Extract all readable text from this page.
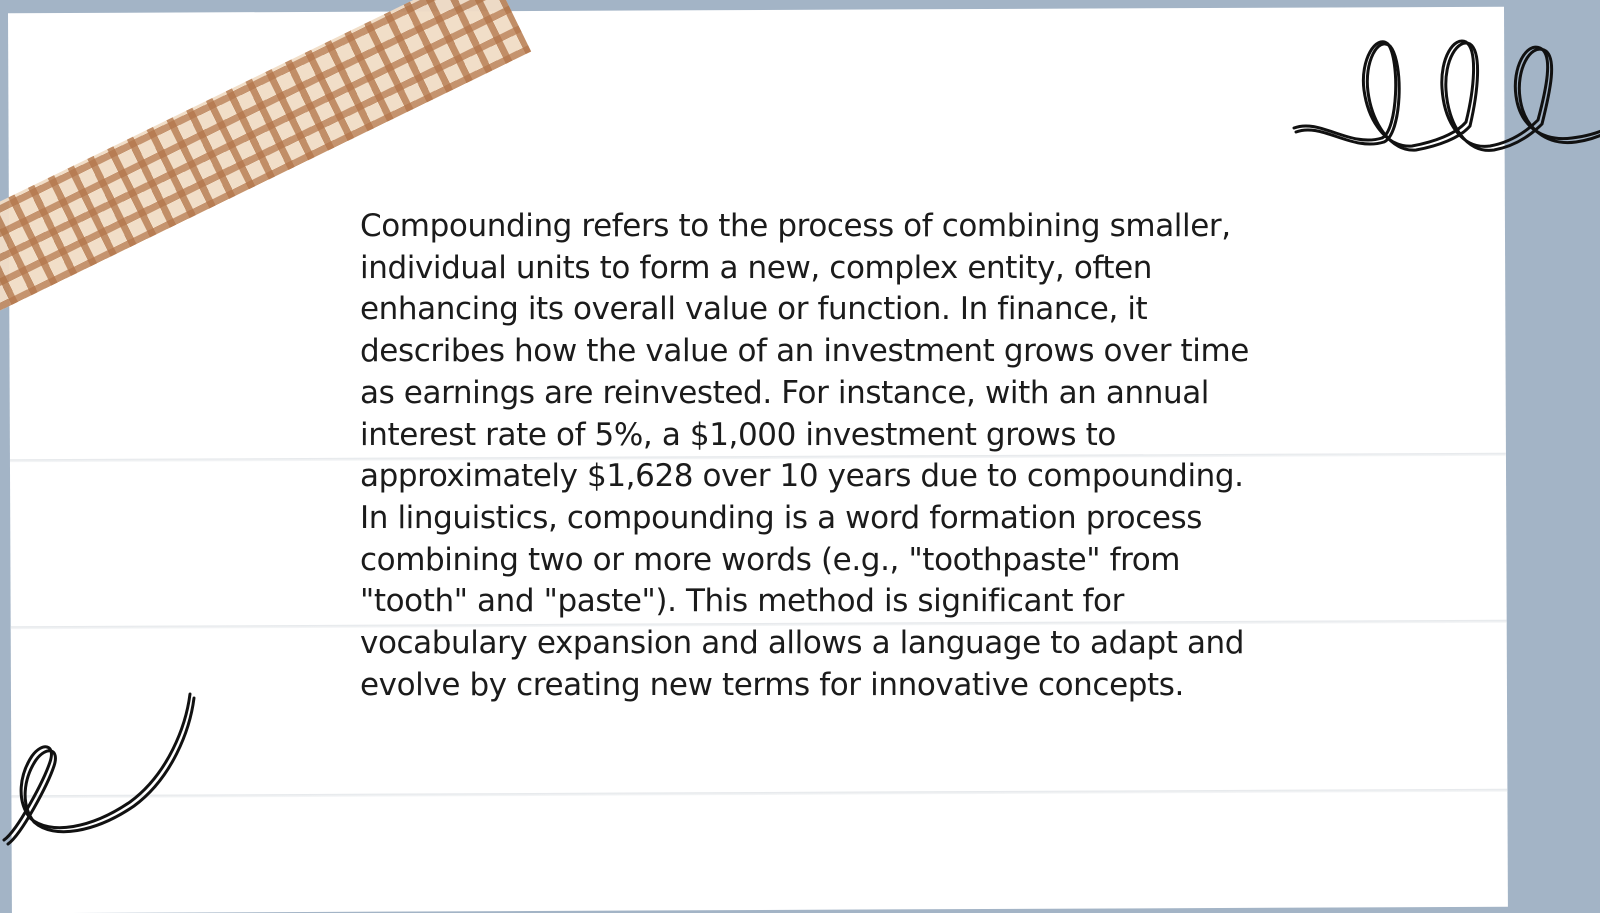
Compounding refers to the process of combining smaller, individual units to form a new, complex entity, often enhancing its overall value or function. In finance, it describes how the value of an investment grows over time as earnings are reinvested. For instance, with an annual interest rate of 5%, a $1,000 investment grows to approximately $1,628 over 10 years due to compounding. In linguistics, compounding is a word formation process combining two or more words (e.g., "toothpaste" from "tooth" and "paste"). This method is significant for vocabulary expansion and allows a language to adapt and evolve by creating new terms for innovative concepts.
